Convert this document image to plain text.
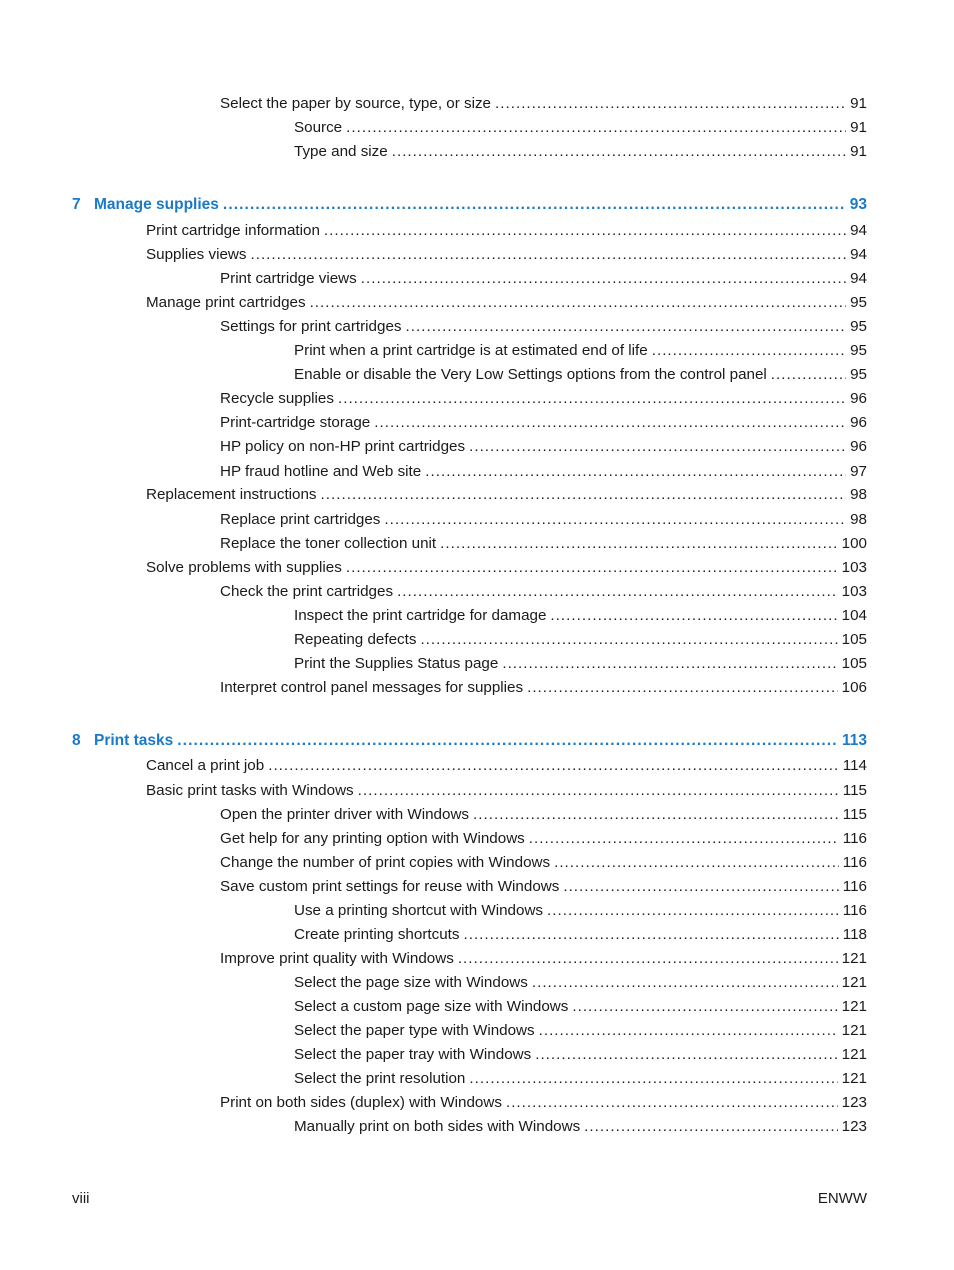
Select the paper by source, type, or size . . .	91
Source . . .	91
Type and size . . .	91
7 Manage supplies . . .	93
Print cartridge information . . .	94
Supplies views . . .	94
Print cartridge views . . .	94
Manage print cartridges . . .	95
Settings for print cartridges . . .	95
Print when a print cartridge is at estimated end of life . . .	95
Enable or disable the Very Low Settings options from the control panel . . .	95
Recycle supplies . . .	96
Print-cartridge storage . . .	96
HP policy on non-HP print cartridges . . .	96
HP fraud hotline and Web site . . .	97
Replacement instructions . . .	98
Replace print cartridges . . .	98
Replace the toner collection unit . . .	100
Solve problems with supplies . . .	103
Check the print cartridges . . .	103
Inspect the print cartridge for damage . . .	104
Repeating defects . . .	105
Print the Supplies Status page . . .	105
Interpret control panel messages for supplies . . .	106
8 Print tasks . . .	113
Cancel a print job . . .	114
Basic print tasks with Windows . . .	115
Open the printer driver with Windows . . .	115
Get help for any printing option with Windows . . .	116
Change the number of print copies with Windows . . .	116
Save custom print settings for reuse with Windows . . .	116
Use a printing shortcut with Windows . . .	116
Create printing shortcuts . . .	118
Improve print quality with Windows . . .	121
Select the page size with Windows . . .	121
Select a custom page size with Windows . . .	121
Select the paper type with Windows . . .	121
Select the paper tray with Windows . . .	121
Select the print resolution . . .	121
Print on both sides (duplex) with Windows . . .	123
Manually print on both sides with Windows . . .	123
viii	ENWW
